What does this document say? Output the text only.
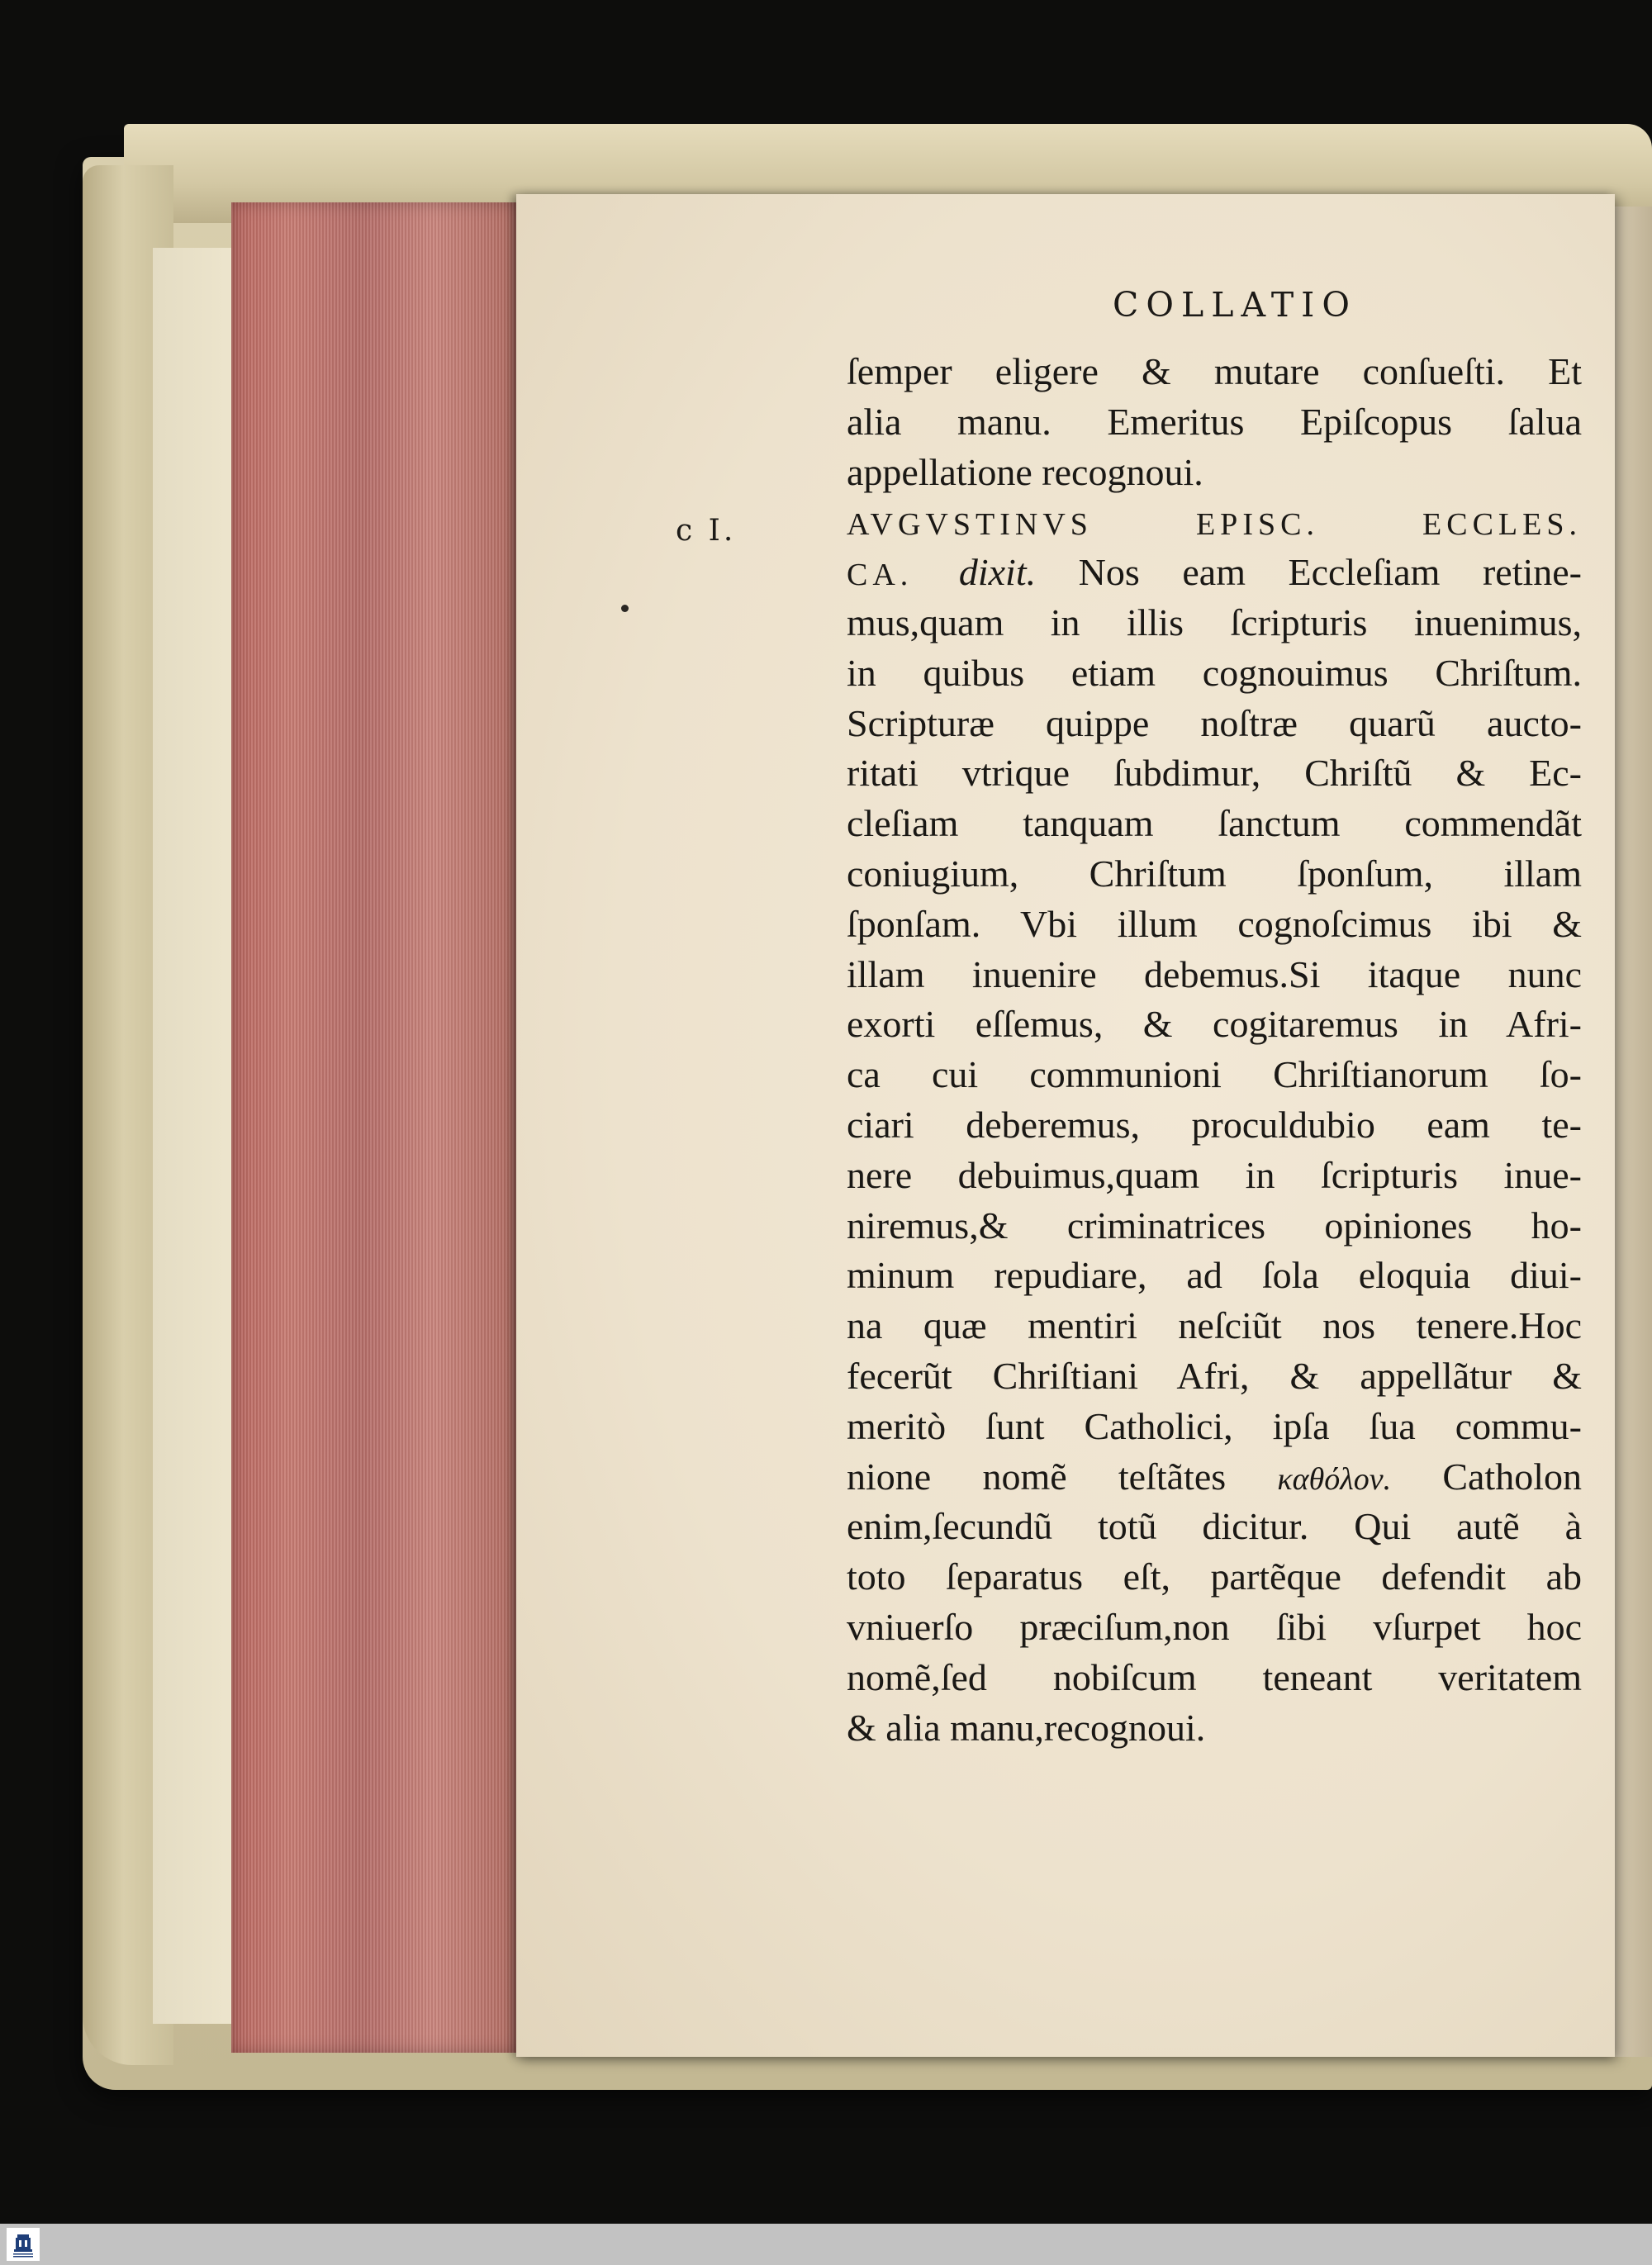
COLLATIO
c I.
ſemper eligere & mutare conſueſti. Et
alia manu. Emeritus Epiſcopus ſalua
appellatione recognoui.
AVGVSTINVS EPISC. ECCLES.
CA. dixit. Nos eam Eccleſiam retine-
mus,quam in illis ſcripturis inuenimus,
in quibus etiam cognouimus Chriſtum.
Scripturæ quippe noſtræ quarũ aucto-
ritati vtrique ſubdimur, Chriſtũ & Ec-
cleſiam tanquam ſanctum commendãt
coniugium, Chriſtum ſponſum, illam
ſponſam. Vbi illum cognoſcimus ibi &
illam inuenire debemus.Si itaque nunc
exorti eſſemus, & cogitaremus in Afri-
ca cui communioni Chriſtianorum ſo-
ciari deberemus, proculdubio eam te-
nere debuimus,quam in ſcripturis inue-
niremus,& criminatrices opiniones ho-
minum repudiare, ad ſola eloquia diui-
na quæ mentiri neſciũt nos tenere.Hoc
fecerũt Chriſtiani Afri, & appellãtur &
meritò ſunt Catholici, ipſa ſua commu-
nione nomẽ teſtãtes καθόλον. Catholon
enim,ſecundũ totũ dicitur. Qui autẽ à
toto ſeparatus eſt, partẽque defendit ab
vniuerſo præciſum,non ſibi vſurpet hoc
nomẽ,ſed nobiſcum teneant veritatem
& alia manu,recognoui.
